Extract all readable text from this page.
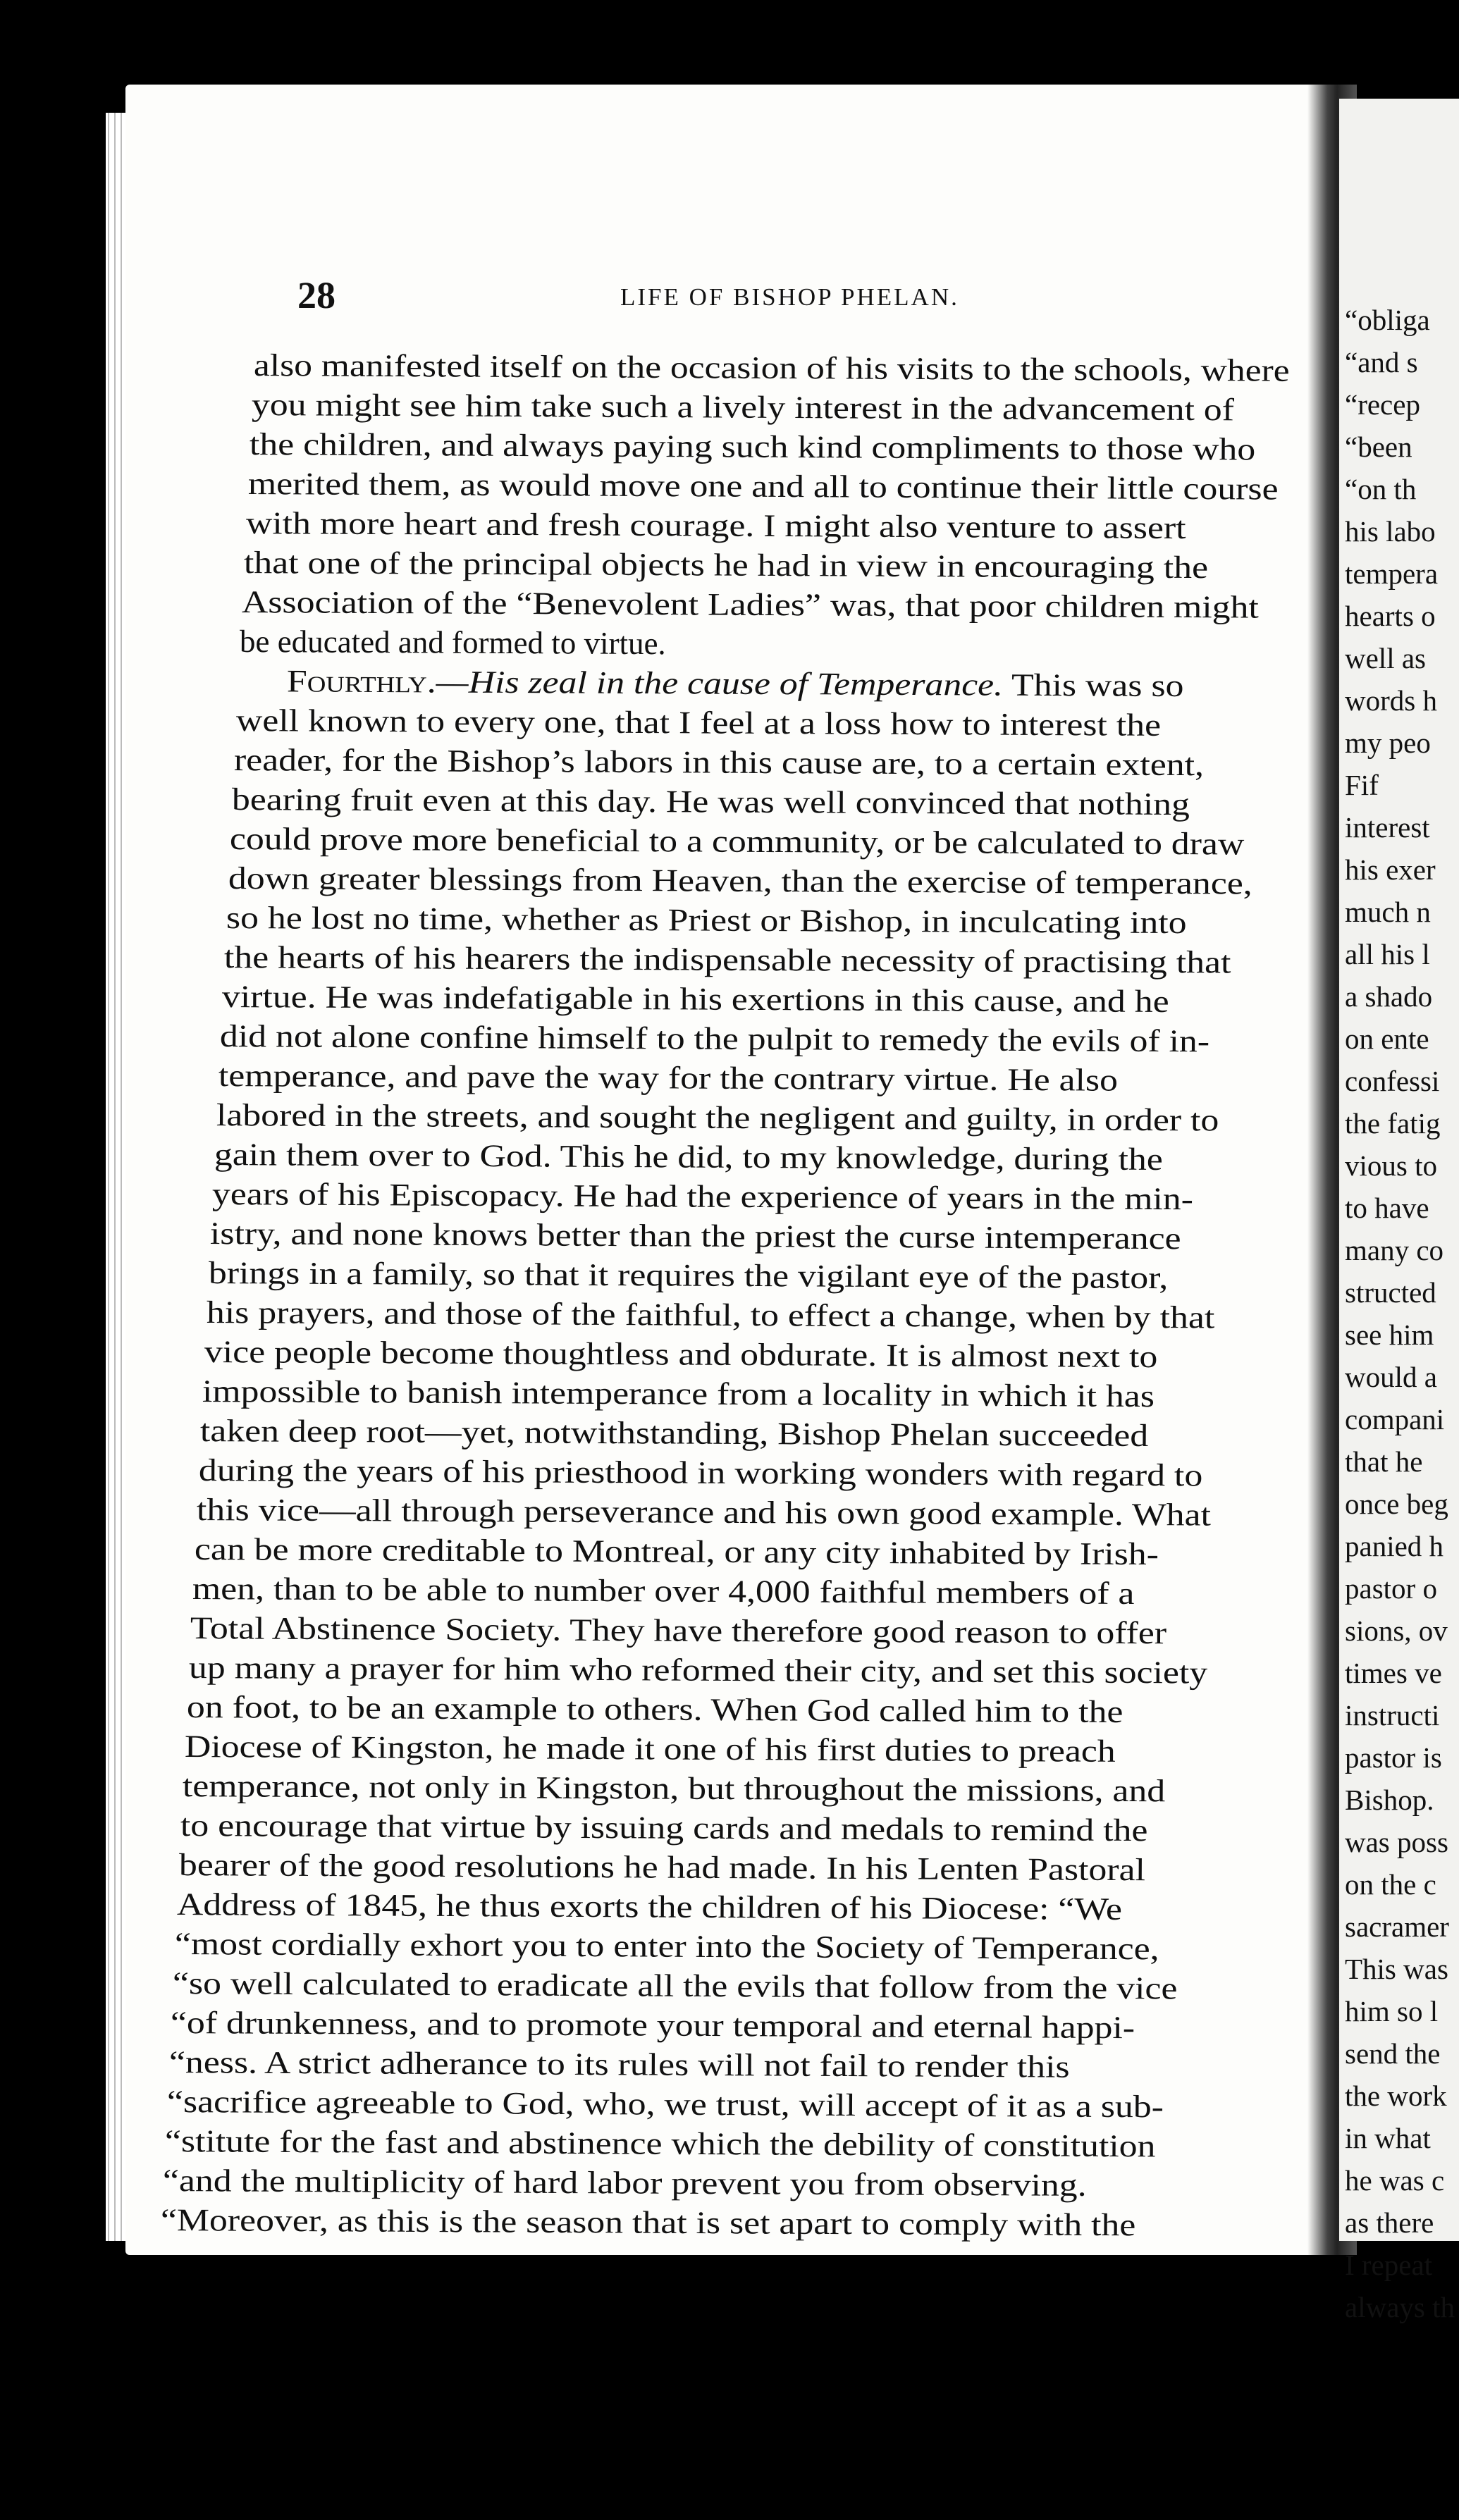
“obliga
“and s
“recep
“been
“on th
his labo
tempera
hearts o
well as
words h
my peo
Fif
interest
his exer
much n
all his l
a shado
on ente
confessi
the fatig
vious to
to have
many co
structed
see him
would a
compani
that he
once beg
panied h
pastor o
sions, ov
times ve
instructi
pastor is
Bishop.
was poss
on the c
sacramer
This was
him so l
send the
the work
in what
he was c
as there
I repeat
always th
28	LIFE OF BISHOP PHELAN.
also manifested itself on the occasion of his visits to the schools, where
you might see him take such a lively interest in the advancement of
the children, and always paying such kind compliments to those who
merited them, as would move one and all to continue their little course
with more heart and fresh courage. I might also venture to assert
that one of the principal objects he had in view in encouraging the
Association of the “Benevolent Ladies” was, that poor children might
be educated and formed to virtue.
Fourthly.—His zeal in the cause of Temperance. This was so
well known to every one, that I feel at a loss how to interest the
reader, for the Bishop’s labors in this cause are, to a certain extent,
bearing fruit even at this day. He was well convinced that nothing
could prove more beneficial to a community, or be calculated to draw
down greater blessings from Heaven, than the exercise of temperance,
so he lost no time, whether as Priest or Bishop, in inculcating into
the hearts of his hearers the indispensable necessity of practising that
virtue. He was indefatigable in his exertions in this cause, and he
did not alone confine himself to the pulpit to remedy the evils of in-
temperance, and pave the way for the contrary virtue. He also
labored in the streets, and sought the negligent and guilty, in order to
gain them over to God. This he did, to my knowledge, during the
years of his Episcopacy. He had the experience of years in the min-
istry, and none knows better than the priest the curse intemperance
brings in a family, so that it requires the vigilant eye of the pastor,
his prayers, and those of the faithful, to effect a change, when by that
vice people become thoughtless and obdurate. It is almost next to
impossible to banish intemperance from a locality in which it has
taken deep root—yet, notwithstanding, Bishop Phelan succeeded
during the years of his priesthood in working wonders with regard to
this vice—all through perseverance and his own good example. What
can be more creditable to Montreal, or any city inhabited by Irish-
men, than to be able to number over 4,000 faithful members of a
Total Abstinence Society. They have therefore good reason to offer
up many a prayer for him who reformed their city, and set this society
on foot, to be an example to others. When God called him to the
Diocese of Kingston, he made it one of his first duties to preach
temperance, not only in Kingston, but throughout the missions, and
to encourage that virtue by issuing cards and medals to remind the
bearer of the good resolutions he had made. In his Lenten Pastoral
Address of 1845, he thus exorts the children of his Diocese: “We
“most cordially exhort you to enter into the Society of Temperance,
“so well calculated to eradicate all the evils that follow from the vice
“of drunkenness, and to promote your temporal and eternal happi-
“ness. A strict adherance to its rules will not fail to render this
“sacrifice agreeable to God, who, we trust, will accept of it as a sub-
“stitute for the fast and abstinence which the debility of constitution
“and the multiplicity of hard labor prevent you from observing.
“Moreover, as this is the season that is set apart to comply with the
